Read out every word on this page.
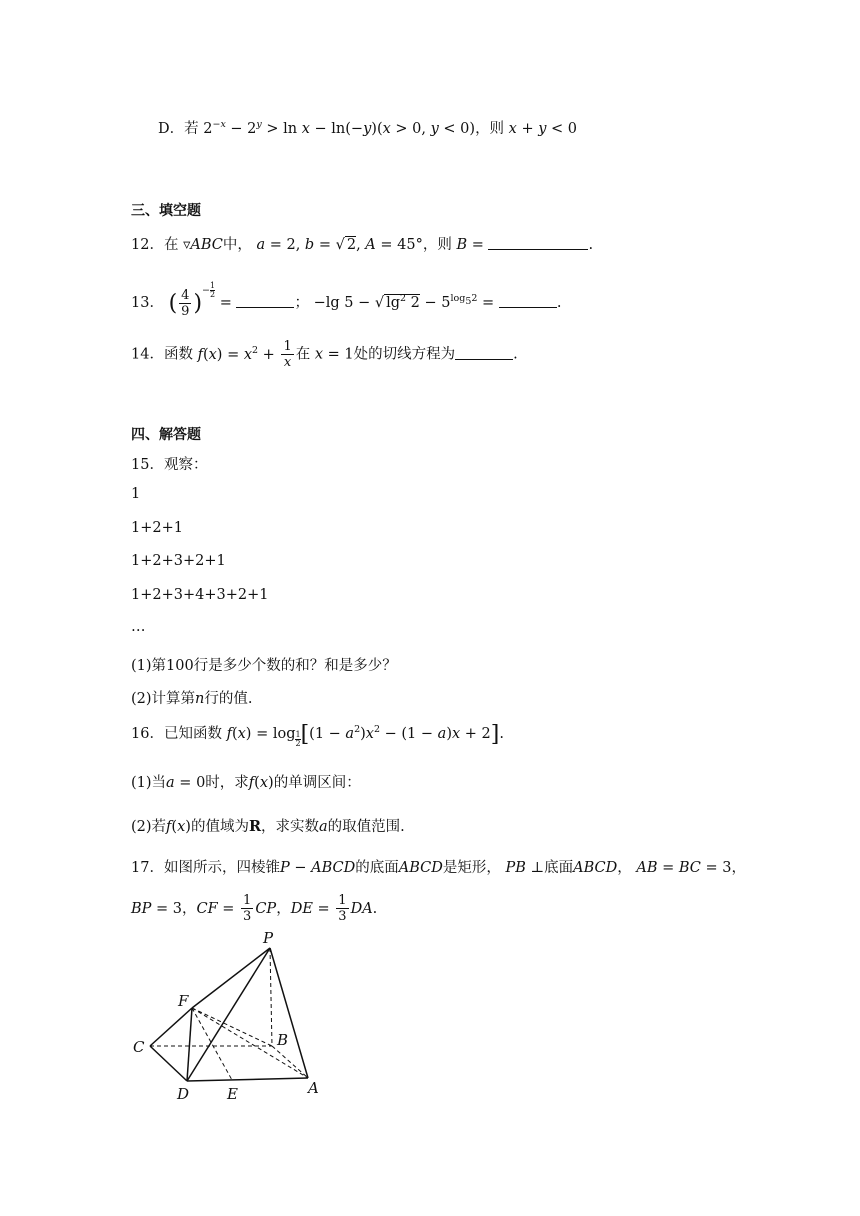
D．若 $2^{-x} - 2^y > \ln x - \ln(-y)(x > 0$, y < 0)，则 x + y < 0
三、填空题
12．在 ▿ABC中， a = 2, b = √ 2, A = 45°，则 B =	.
13． ( $\frac{4}{9} )^{- \frac{1}{2}}$
=	； −lg 5 − √ $\lg^2 2 - 5^{log_52}$ =	.
14．函数 $f(x) = x^2 + \frac{1}{x}$ 在 x = 1处的切线方程为	.
四、解答题
15．观察：
1
1+2+1
1+2+3+2+1
1+2+3+4+3+2+1
…
(1)第100行是多少个数的和？和是多少？
(2)计算第n行的值.
16．已知函数 f(x) = log $_{\frac{1}{2}}$ $[(1 - a^2)x^2 - (1 - a)x + 2]$.
(1)当a = 0时，求f(x)的单调区间：
(2)若f(x)的值域为R，求实数a的取值范围.
17．如图所示，四棱锥P − ABCD的底面ABCD是矩形， PB ⊥底面ABCD， AB = BC = 3，
BP = 3，CF = $\frac{1}{3}$ CP，DE = $\frac{1}{3}$ DA.
P
F
C	B
D	E	A
